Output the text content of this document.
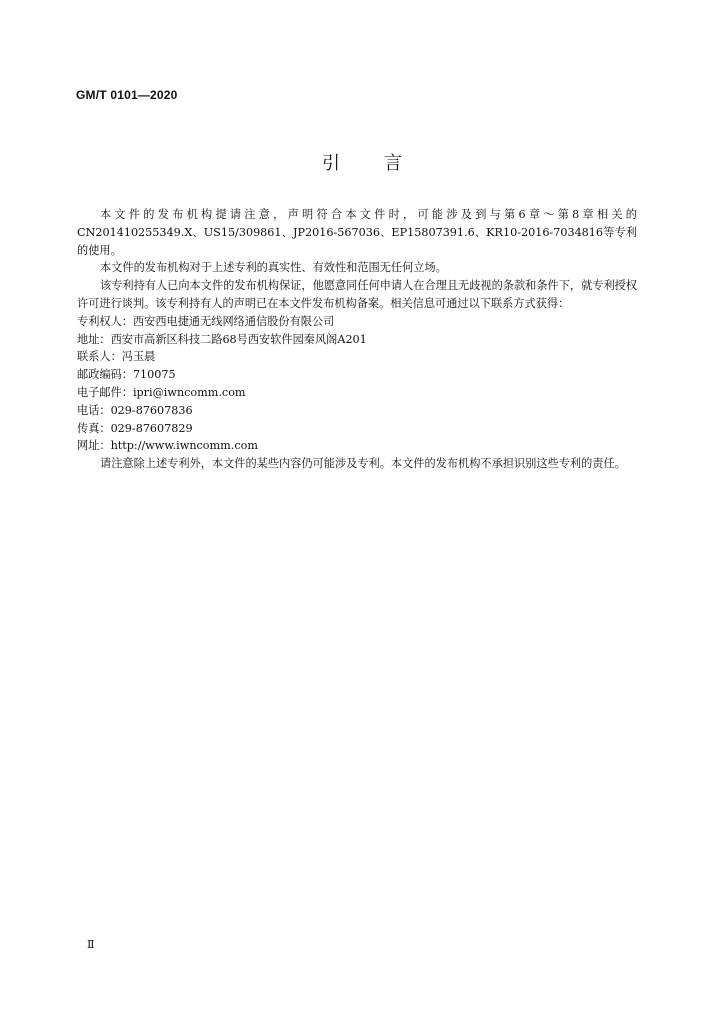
GM/T 0101—2020
引言

本文件的发布机构提请注意，声明符合本文件时，可能涉及到与第6章～第8章相关的CN201410255349.X、US15/309861、JP2016-567036、EP15807391.6、KR10-2016-7034816等专利的使用。

本文件的发布机构对于上述专利的真实性、有效性和范围无任何立场。

该专利持有人已向本文件的发布机构保证，他愿意同任何申请人在合理且无歧视的条款和条件下，就专利授权许可进行谈判。该专利持有人的声明已在本文件发布机构备案。相关信息可通过以下联系方式获得：

专利权人：西安西电捷通无线网络通信股份有限公司

地址：西安市高新区科技二路68号西安软件园秦风阁A201

联系人：冯玉晨

邮政编码：710075

电子邮件：ipri@iwncomm.com

电话：029-87607836

传真：029-87607829

网址：http://www.iwncomm.com

请注意除上述专利外，本文件的某些内容仍可能涉及专利。本文件的发布机构不承担识别这些专利的责任。

Ⅱ
